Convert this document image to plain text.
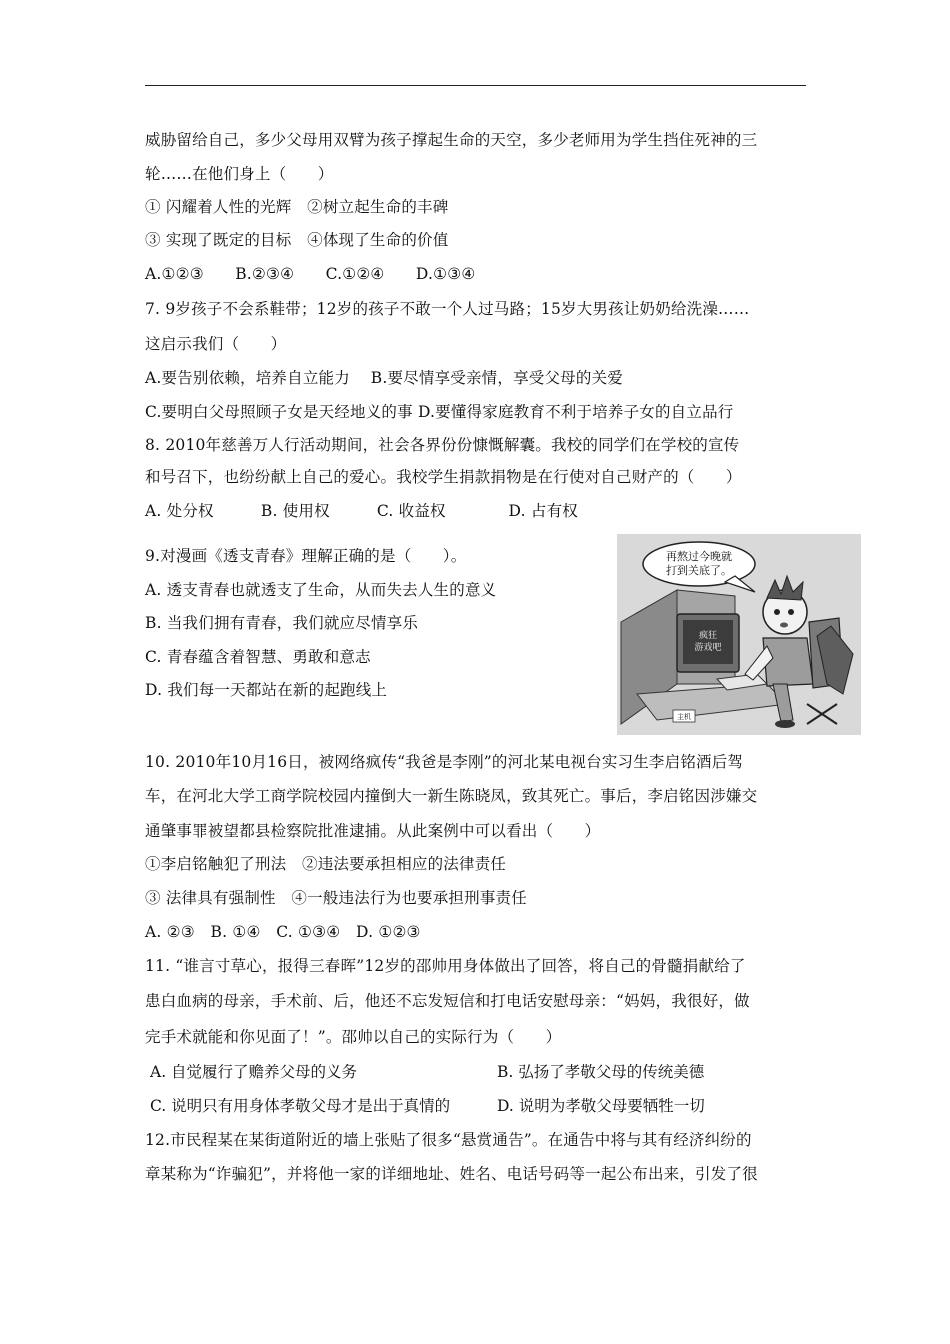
威胁留给自己，多少父母用双臂为孩子撑起生命的天空，多少老师用为学生挡住死神的三
轮……在他们身上（　　）
① 闪耀着人性的光辉　②树立起生命的丰碑
③ 实现了既定的目标　④体现了生命的价值
A.①②③　　B.②③④　　C.①②④　　D.①③④
7. 9岁孩子不会系鞋带；12岁的孩子不敢一个人过马路；15岁大男孩让奶奶给洗澡……
这启示我们（　　）
A.要告别依赖，培养自立能力　 B.要尽情享受亲情，享受父母的关爱
C.要明白父母照顾子女是天经地义的事 D.要懂得家庭教育不利于培养子女的自立品行
8. 2010年慈善万人行活动期间，社会各界份份慷慨解囊。我校的同学们在学校的宣传
和号召下，也纷纷献上自己的爱心。我校学生捐款捐物是在行使对自己财产的（　　）
A. 处分权　　　B. 使用权　　　C. 收益权　　　　D. 占有权
9.对漫画《透支青春》理解正确的是（　　）。
A. 透支青春也就透支了生命，从而失去人生的意义
B. 当我们拥有青春，我们就应尽情享乐
C. 青春蕴含着智慧、勇敢和意志
D. 我们每一天都站在新的起跑线上
10. 2010年10月16日，被网络疯传“我爸是李刚”的河北某电视台实习生李启铭酒后驾
车，在河北大学工商学院校园内撞倒大一新生陈晓凤，致其死亡。事后，李启铭因涉嫌交
通肇事罪被望都县检察院批准逮捕。从此案例中可以看出（　　）
①李启铭触犯了刑法　②违法要承担相应的法律责任
③ 法律具有强制性　④一般违法行为也要承担刑事责任
A. ②③　B. ①④　C. ①③④　D. ①②③
11. “谁言寸草心，报得三春晖”12岁的邵帅用身体做出了回答，将自己的骨髓捐献给了
患白血病的母亲，手术前、后，他还不忘发短信和打电话安慰母亲：“妈妈，我很好，做
完手术就能和你见面了！”。邵帅以自己的实际行为（　　）
A. 自觉履行了赡养父母的义务	B. 弘扬了孝敬父母的传统美德
C. 说明只有用身体孝敬父母才是出于真情的	D. 说明为孝敬父母要牺牲一切
12.市民程某在某街道附近的墙上张贴了很多“悬赏通告”。在通告中将与其有经济纠纷的
章某称为“诈骗犯”，并将他一家的详细地址、姓名、电话号码等一起公布出来，引发了很
再熬过今晚就
打到关底了。
疯狂
游戏吧
主机
